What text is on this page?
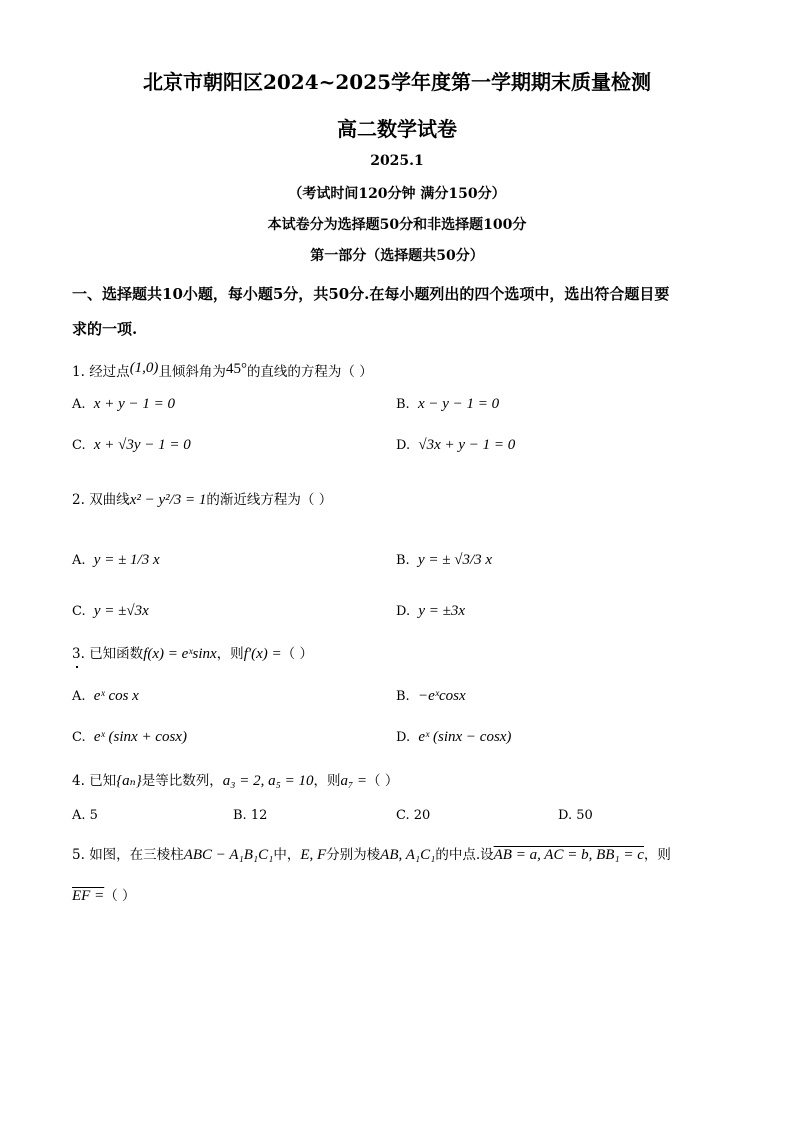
北京市朝阳区2024~2025学年度第一学期期末质量检测
高二数学试卷
2025.1
（考试时间120分钟 满分150分）
本试卷分为选择题50分和非选择题100分
第一部分（选择题共50分）
一、选择题共10小题，每小题5分，共50分.在每小题列出的四个选项中，选出符合题目要
求的一项.
1. 经过点(1,0)且倾斜角为45°的直线的方程为（ ）
A. x + y − 1 = 0	B. x − y − 1 = 0
C. x + √3y − 1 = 0	D. √3x + y − 1 = 0
2. 双曲线x² − y²/3 = 1的渐近线方程为（ ）
A. y = ± 1/3 x	B. y = ± √3/3 x
C. y = ±√3x	D. y = ±3x
3. 已知函数f(x) = eˣsinx，则f′(x) =（ ）
A. eˣ cos x	B. −eˣcosx
C. eˣ (sinx + cosx)	D. eˣ (sinx − cosx)
4. 已知{aₙ}是等比数列，a₃ = 2, a₅ = 10，则a₇ =（ ）
A. 5	B. 12	C. 20	D. 50
5. 如图，在三棱柱ABC − A₁B₁C₁中，E, F分别为棱AB, A₁C₁的中点.设AB = a, AC = b, BB₁ = c，则
EF =（ ）
